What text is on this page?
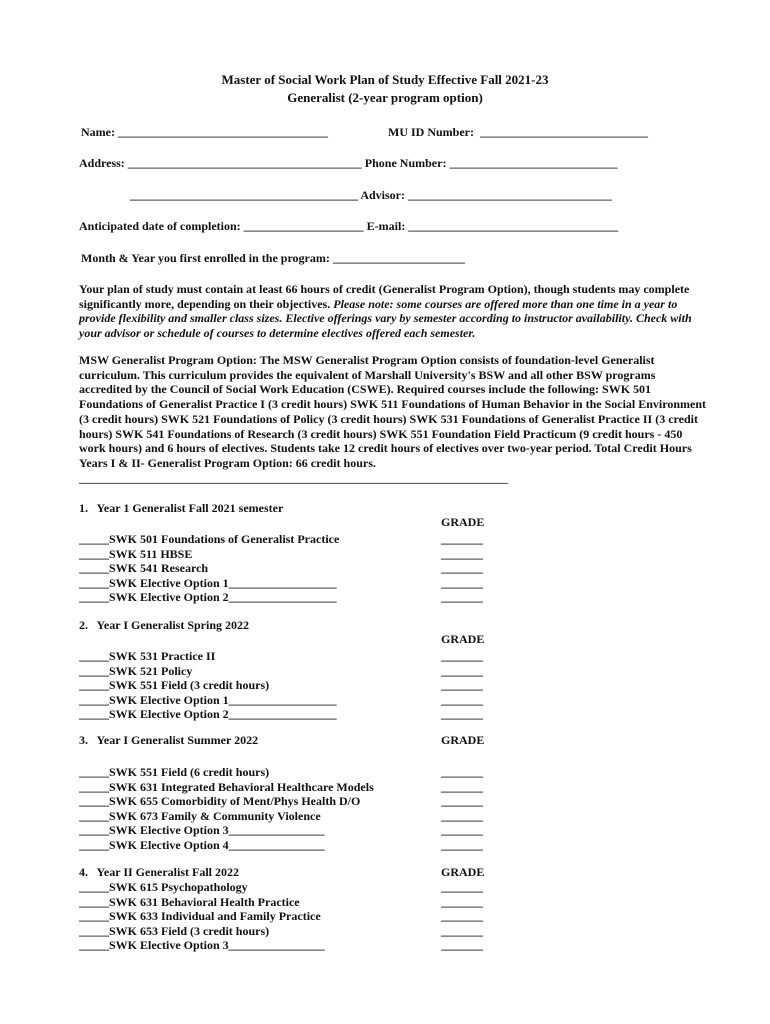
Master of Social Work Plan of Study Effective Fall 2021-23
Generalist (2-year program option)
Name: ___________________________________	MU ID Number:  ____________________________
Address: _______________________________________ Phone Number: ____________________________
______________________________________ Advisor: __________________________________
Anticipated date of completion: ____________________ E-mail: ___________________________________
Month & Year you first enrolled in the program: ______________________
Your plan of study must contain at least 66 hours of credit (Generalist Program Option), though students may complete significantly more, depending on their objectives. Please note: some courses are offered more than one time in a year to provide flexibility and smaller class sizes. Elective offerings vary by semester according to instructor availability. Check with your advisor or schedule of courses to determine electives offered each semester.
MSW Generalist Program Option: The MSW Generalist Program Option consists of foundation-level Generalist curriculum. This curriculum provides the equivalent of Marshall University's BSW and all other BSW programs accredited by the Council of Social Work Education (CSWE). Required courses include the following: SWK 501 Foundations of Generalist Practice I (3 credit hours) SWK 511 Foundations of Human Behavior in the Social Environment (3 credit hours) SWK 521 Foundations of Policy (3 credit hours) SWK 531 Foundations of Generalist Practice II (3 credit hours) SWK 541 Foundations of Research (3 credit hours) SWK 551 Foundation Field Practicum (9 credit hours - 450 work hours) and 6 hours of electives. Students take 12 credit hours of electives over two-year period. Total Credit Hours Years I & II- Generalist Program Option: 66 credit hours.
______________________________________________________________________________
1.   Year 1 Generalist Fall 2021 semester
GRADE
_____SWK 501 Foundations of Generalist Practice	_______
_____SWK 511 HBSE	_______
_____SWK 541 Research	_______
_____SWK Elective Option 1__________________	_______
_____SWK Elective Option 2__________________	_______
2.   Year I Generalist Spring 2022
GRADE
_____SWK 531 Practice II	_______
_____SWK 521 Policy	_______
_____SWK 551 Field (3 credit hours)	_______
_____SWK Elective Option 1__________________	_______
_____SWK Elective Option 2__________________	_______
3.   Year I Generalist Summer 2022	GRADE
_____SWK 551 Field (6 credit hours)	_______
_____SWK 631 Integrated Behavioral Healthcare Models	_______
_____SWK 655 Comorbidity of Ment/Phys Health D/O	_______
_____SWK 673 Family & Community Violence	_______
_____SWK Elective Option 3________________	_______
_____SWK Elective Option 4________________	_______
4.   Year II Generalist Fall 2022	GRADE
_____SWK 615 Psychopathology	_______
_____SWK 631 Behavioral Health Practice	_______
_____SWK 633 Individual and Family Practice	_______
_____SWK 653 Field (3 credit hours)	_______
_____SWK Elective Option 3________________	_______
